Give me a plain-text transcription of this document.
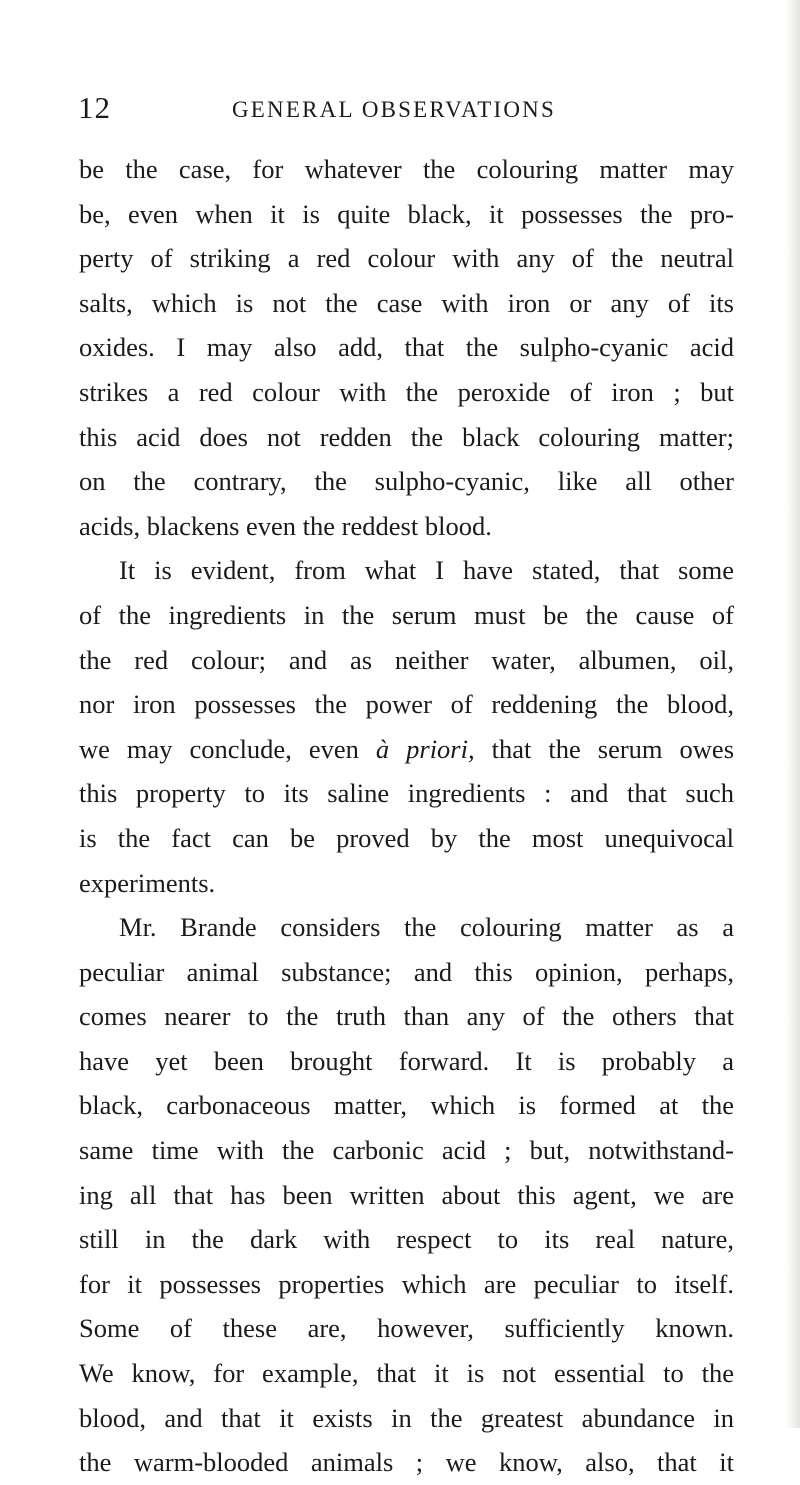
12	GENERAL OBSERVATIONS
be the case, for whatever the colouring matter may
be, even when it is quite black, it possesses the pro-
perty of striking a red colour with any of the neutral
salts, which is not the case with iron or any of its
oxides. I may also add, that the sulpho-cyanic acid
strikes a red colour with the peroxide of iron ; but
this acid does not redden the black colouring matter;
on the contrary, the sulpho-cyanic, like all other
acids, blackens even the reddest blood.
It is evident, from what I have stated, that some
of the ingredients in the serum must be the cause of
the red colour; and as neither water, albumen, oil,
nor iron possesses the power of reddening the blood,
we may conclude, even à priori, that the serum owes
this property to its saline ingredients : and that such
is the fact can be proved by the most unequivocal
experiments.
Mr. Brande considers the colouring matter as a
peculiar animal substance; and this opinion, perhaps,
comes nearer to the truth than any of the others that
have yet been brought forward. It is probably a
black, carbonaceous matter, which is formed at the
same time with the carbonic acid ; but, notwithstand-
ing all that has been written about this agent, we are
still in the dark with respect to its real nature,
for it possesses properties which are peculiar to itself.
Some of these are, however, sufficiently known.
We know, for example, that it is not essential to the
blood, and that it exists in the greatest abundance in
the warm-blooded animals ; we know, also, that it
